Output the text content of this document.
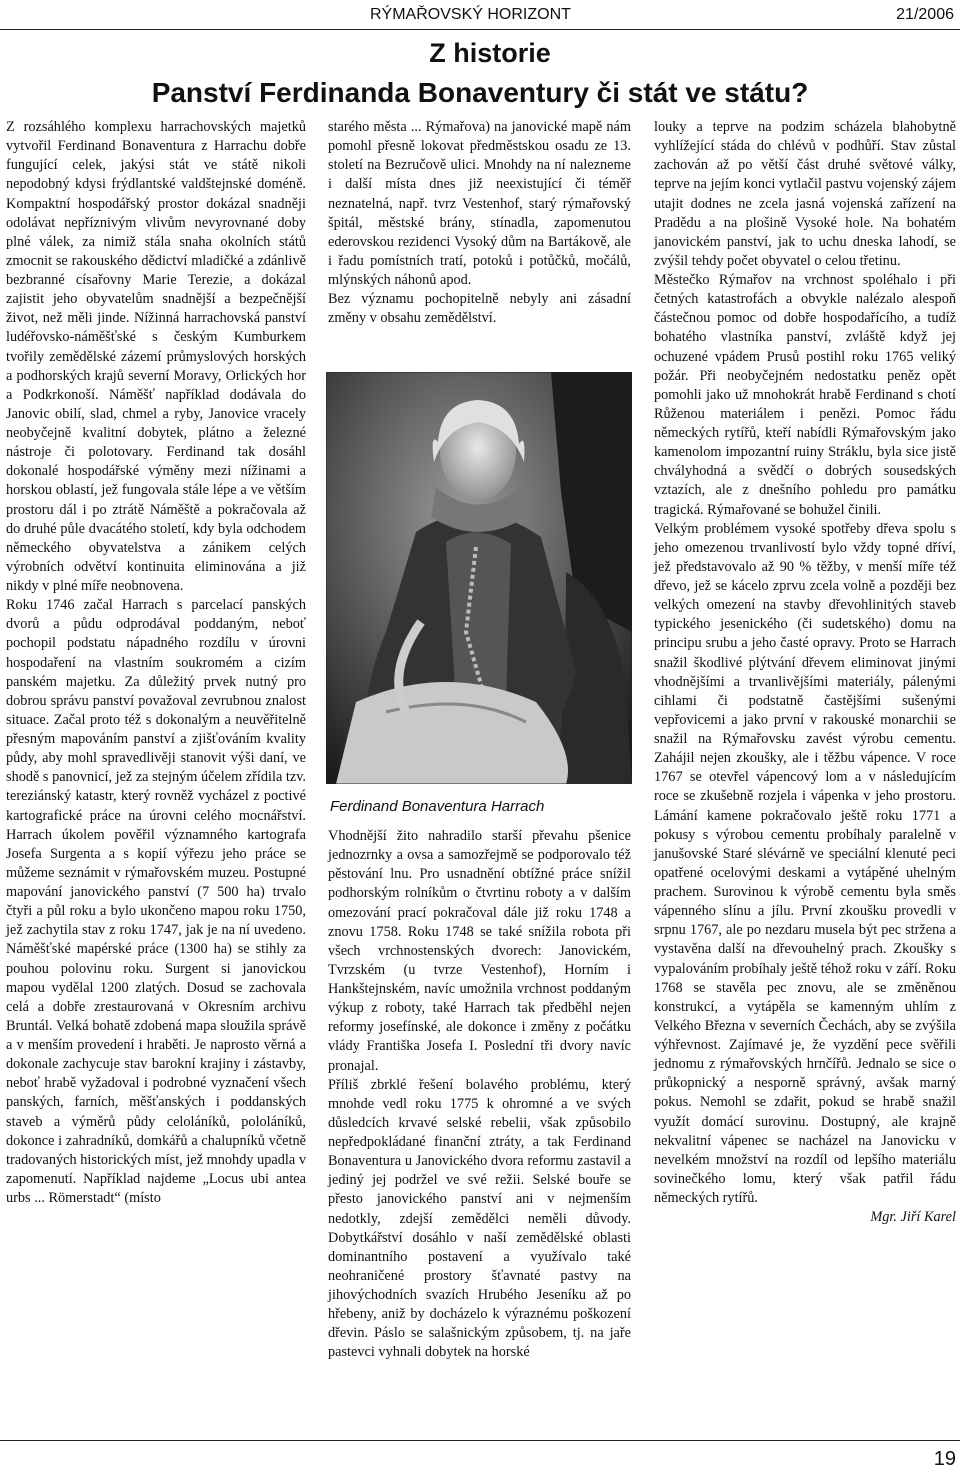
RÝMAŘOVSKÝ HORIZONT	21/2006
Z historie
Panství Ferdinanda Bonaventury či stát ve státu?

Z rozsáhlého komplexu harrachovských majetků vytvořil Ferdinand Bonaventura z Harrachu dobře fungující celek, jakýsi stát ve státě nikoli nepodobný kdysi frýdlantské valdštejnské doméně. Kompaktní hospodářský prostor dokázal snadněji odolávat nepříznivým vlivům nevyrovnané doby plné válek, za nimiž stála snaha okolních států zmocnit se rakouského dědictví mladičké a zdánlivě bezbranné císařovny Marie Terezie, a dokázal zajistit jeho obyvatelům snadnější a bezpečnější život, než měli jinde. Nížinná harrachovská panství ludéřovsko-náměšťské s českým Kumburkem tvořily zemědělské zázemí průmyslových horských a podhorských krajů severní Moravy, Orlických hor a Podkrkonoší. Náměšť například dodávala do Janovic obilí, slad, chmel a ryby, Janovice vracely neobyčejně kvalitní dobytek, plátno a železné nástroje či polotovary. Ferdinand tak dosáhl dokonalé hospodářské výměny mezi nížinami a horskou oblastí, jež fungovala stále lépe a ve větším prostoru dál i po ztrátě Náměště a pokračovala až do druhé půle dvacátého století, kdy byla odchodem německého obyvatelstva a zánikem celých výrobních odvětví kontinuita eliminována a již nikdy v plné míře neobnovena.

Roku 1746 začal Harrach s parcelací panských dvorů a půdu odprodával poddaným, neboť pochopil podstatu nápadného rozdílu v úrovni hospodaření na vlastním soukromém a cizím panském majetku. Za důležitý prvek nutný pro dobrou správu panství považoval zevrubnou znalost situace. Začal proto též s dokonalým a neuvěřitelně přesným mapováním panství a zjišťováním kvality půdy, aby mohl spravedlivěji stanovit výši daní, ve shodě s panovnicí, jež za stejným účelem zřídila tzv. tereziánský katastr, který rovněž vycházel z poctivé kartografické práce na úrovni celého mocnářství. Harrach úkolem pověřil významného kartografa Josefa Surgenta a s kopií výřezu jeho práce se můžeme seznámit v rýmařovském muzeu. Postupné mapování janovického panství (7 500 ha) trvalo čtyři a půl roku a bylo ukončeno mapou roku 1750, jež zachytila stav z roku 1747, jak je na ní uvedeno. Náměšťské mapérské práce (1300 ha) se stihly za pouhou polovinu roku. Surgent si janovickou mapou vydělal 1200 zlatých. Dosud se zachovala celá a dobře zrestaurovaná v Okresním archivu Bruntál. Velká bohatě zdobená mapa sloužila správě a v menším provedení i hraběti. Je naprosto věrná a dokonale zachycuje stav barokní krajiny i zástavby, neboť hrabě vyžadoval i podrobné vyznačení všech panských, farních, měšťanských i poddanských staveb a výměrů půdy celoláníků, pololáníků, dokonce i zahradníků, domkářů a chalupníků včetně tradovaných historických míst, jež mnohdy upadla v zapomenutí. Například najdeme „Locus ubi antea urbs ... Römerstadt“ (místo

starého města ... Rýmařova) na janovické mapě nám pomohl přesně lokovat předměstskou osadu ze 13. století na Bezručově ulici. Mnohdy na ní nalezneme i další místa dnes již neexistující či téměř neznatelná, např. tvrz Vestenhof, starý rýmařovský špitál, městské brány, stínadla, zapomenutou ederovskou rezidenci Vysoký dům na Bartákově, ale i řadu pomístních tratí, potoků i potůčků, močálů, mlýnských náhonů apod.

Bez významu pochopitelně nebyly ani zásadní změny v obsahu zemědělství.

Ferdinand Bonaventura Harrach

Vhodnější žito nahradilo starší převahu pšenice jednozrnky a ovsa a samozřejmě se podporovalo též pěstování lnu. Pro usnadnění obtížné práce snížil podhorským rolníkům o čtvrtinu roboty a v dalším omezování prací pokračoval dále již roku 1748 a znovu 1758. Roku 1748 se také snížila robota při všech vrchnostenských dvorech: Janovickém, Tvrzském (u tvrze Vestenhof), Horním i Hankštejnském, navíc umožnila vrchnost poddaným výkup z roboty, také Harrach tak předběhl nejen reformy josefínské, ale dokonce i změny z počátku vlády Františka Josefa I. Poslední tři dvory navíc pronajal.

Příliš zbrklé řešení bolavého problému, který mnohde vedl roku 1775 k ohromné a ve svých důsledcích krvavé selské rebelii, však způsobilo nepředpokládané finanční ztráty, a tak Ferdinand Bonaventura u Janovického dvora reformu zastavil a jediný jej podržel ve své režii. Selské bouře se přesto janovického panství ani v nejmenším nedotkly, zdejší zemědělci neměli důvody. Dobytkářství dosáhlo v naší zemědělské oblasti dominantního postavení a využívalo také neohraničené prostory šťavnaté pastvy na jihovýchodních svazích Hrubého Jeseníku až po hřebeny, aniž by docházelo k výraznému poškození dřevin. Páslo se salašnickým způsobem, tj. na jaře pastevci vyhnali dobytek na horské

louky a teprve na podzim scházela blahobytně vyhlížející stáda do chlévů v podhůří. Stav zůstal zachován až po větší část druhé světové války, teprve na jejím konci vytlačil pastvu vojenský zájem utajit dodnes ne zcela jasná vojenská zařízení na Pradědu a na plošině Vysoké hole. Na bohatém janovickém panství, jak to uchu dneska lahodí, se zvýšil tehdy počet obyvatel o celou třetinu.

Městečko Rýmařov na vrchnost spoléhalo i při četných katastrofách a obvykle nalézalo alespoň částečnou pomoc od dobře hospodařícího, a tudíž bohatého vlastníka panství, zvláště když jej ochuzené vpádem Prusů postihl roku 1765 veliký požár. Při neobyčejném nedostatku peněz opět pomohli jako už mnohokrát hrabě Ferdinand s chotí Růženou materiálem i penězi. Pomoc řádu německých rytířů, kteří nabídli Rýmařovským jako kamenolom impozantní ruiny Stráklu, byla sice jistě chvályhodná a svědčí o dobrých sousedských vztazích, ale z dnešního pohledu pro památku tragická. Rýmařované se bohužel činili.

Velkým problémem vysoké spotřeby dřeva spolu s jeho omezenou trvanlivostí bylo vždy topné dříví, jež představovalo až 90 % těžby, v menší míře též dřevo, jež se kácelo zprvu zcela volně a později bez velkých omezení na stavby dřevohlinitých staveb typického jesenického (či sudetského) domu na principu srubu a jeho časté opravy. Proto se Harrach snažil škodlivé plýtvání dřevem eliminovat jinými vhodnějšími a trvanlivějšími materiály, pálenými cihlami či podstatně častějšími sušenými vepřovicemi a jako první v rakouské monarchii se snažil na Rýmařovsku zavést výrobu cementu. Zahájil nejen zkoušky, ale i těžbu vápence. V roce 1767 se otevřel vápencový lom a v následujícím roce se zkušebně rozjela i vápenka v jeho prostoru. Lámání kamene pokračovalo ještě roku 1771 a pokusy s výrobou cementu probíhaly paralelně v janušovské Staré slévárně ve speciální klenuté peci opatřené ocelovými deskami a vytápěné uhelným prachem. Surovinou k výrobě cementu byla směs vápenného slínu a jílu. První zkoušku provedli v srpnu 1767, ale po nezdaru musela být pec stržena a vystavěna další na dřevouhelný prach. Zkoušky s vypalováním probíhaly ještě téhož roku v září. Roku 1768 se stavěla pec znovu, ale se změněnou konstrukcí, a vytápěla se kamenným uhlím z Velkého Března v severních Čechách, aby se zvýšila výhřevnost. Zajímavé je, že vyzdění pece svěřili jednomu z rýmařovských hrnčířů. Jednalo se sice o průkopnický a nesporně správný, avšak marný pokus. Nemohl se zdařit, pokud se hrabě snažil využít domácí surovinu. Dostupný, ale krajně nekvalitní vápenec se nacházel na Janovicku v nevelkém množství na rozdíl od lepšího materiálu sovinečkého lomu, který však patřil řádu německých rytířů.

Mgr. Jiří Karel

19
